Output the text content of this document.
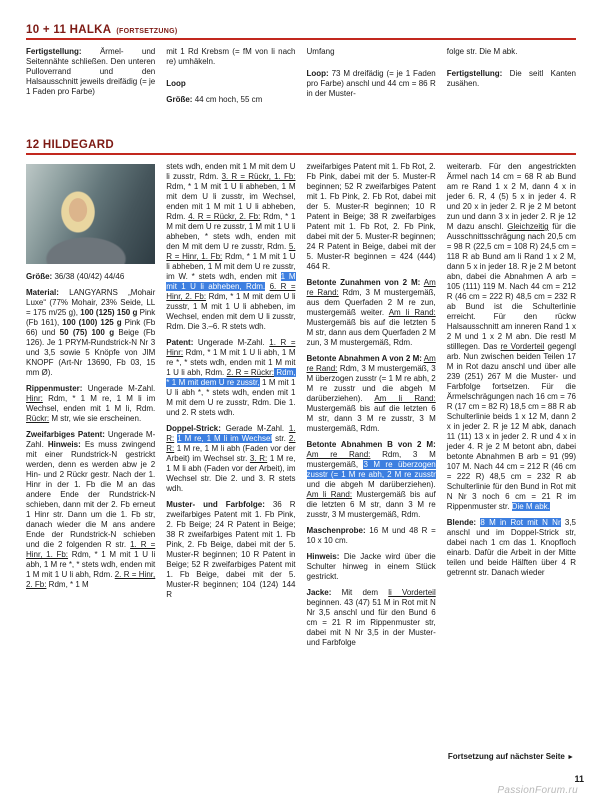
10 + 11 HALKA (FORTSETZUNG)

Fertigstellung: Ärmel- und Seitennähte schließen. Den unteren Pulloverrand und den Halsausschnitt jeweils dreifädig (= je 1 Faden pro Farbe)

mit 1 Rd Krebsm (= fM von li nach re) umhäkeln.

Loop

Größe: 44 cm hoch, 55 cm

Umfang

Loop: 73 M dreifädig (= je 1 Faden pro Farbe) anschl und 44 cm = 86 R in der Muster-

folge str. Die M abk.

Fertigstellung: Die seitl Kanten zusähen.

12 HILDEGARD

Größe: 36/38 (40/42) 44/46

Material: LANGYARNS „Mohair Luxe“ (77% Mohair, 23% Seide, LL = 175 m/25 g), 100 (125) 150 g Pink (Fb 161), 100 (100) 125 g Pink (Fb 66) und 50 (75) 100 g Beige (Fb 126). Je 1 PRYM-Rundstrick-N Nr 3 und 3,5 sowie 5 Knöpfe von JIM KNOPF (Art-Nr 13690, Fb 03, 15 mm Ø).

Rippenmuster: Ungerade M-Zahl. Hinr: Rdm, * 1 M re, 1 M li im Wechsel, enden mit 1 M li, Rdm. Rückr: M str, wie sie erscheinen.

Zweifarbiges Patent: Ungerade M-Zahl. Hinweis: Es muss zwingend mit einer Rundstrick-N gestrickt werden, denn es werden abw je 2 Hin- und 2 Rückr gestr. Nach der 1. Hinr in der 1. Fb die M an das andere Ende der Rundstrick-N schieben, dann mit der 2. Fb erneut 1 Hinr str. Dann um die 1. Fb str, danach wieder die M ans andere Ende der Rundstrick-N schieben und die 2 folgenden R str. 1. R = Hinr, 1. Fb: Rdm, * 1 M mit 1 U li abh, 1 M re *, * stets wdh, enden mit 1 M mit 1 U li abh, Rdm. 2. R = Hinr, 2. Fb: Rdm, * 1 M

stets wdh, enden mit 1 M mit dem U li zusstr, Rdm. 3. R = Rückr, 1. Fb: Rdm, * 1 M mit 1 U li abheben, 1 M mit dem U li zusstr, im Wechsel, enden mit 1 M mit 1 U li abheben, Rdm. 4. R = Rückr, 2. Fb: Rdm, * 1 M mit dem U re zusstr, 1 M mit 1 U li abheben, * stets wdh, enden mit den M mit dem U re zusstr, Rdm. 5. R = Hinr, 1. Fb: Rdm, * 1 M mit 1 U li abheben, 1 M mit dem U re zusstr, im W. * stets wdh, enden mit 1 M mit 1 U li abheben, Rdm. 6. R = Hinr, 2. Fb: Rdm, * 1 M mit dem U li zusstr, 1 M mit 1 U li abheben, im Wechsel, enden mit dem U li zusstr, Rdm. Die 3.–6. R stets wdh.

Patent: Ungerade M-Zahl. 1. R = Hinr: Rdm, * 1 M mit 1 U li abh, 1 M re *, * stets wdh, enden mit 1 M mit 1 U li abh, Rdm. 2. R = Rückr: Rdm, * 1 M mit dem U re zusstr, 1 M mit 1 U li abh *, * stets wdh, enden mit 1 M mit dem U re zusstr, Rdm. Die 1. und 2. R stets wdh.

Doppel-Strick: Gerade M-Zahl. 1. R: 1 M re, 1 M li im Wechsel str. 2. R: 1 M re, 1 M li abh (Faden vor der Arbeit) im Wechsel str. 3. R: 1 M re, 1 M li abh (Faden vor der Arbeit), im Wechsel str. Die 2. und 3. R stets wdh.

Muster- und Farbfolge: 36 R zweifarbiges Patent mit 1. Fb Pink, 2. Fb Beige; 24 R Patent in Beige; 38 R zweifarbiges Patent mit 1. Fb Pink, 2. Fb Beige, dabei mit der 5. Muster-R beginnen; 10 R Patent in Beige; 52 R zweifarbiges Patent mit 1. Fb Beige, dabei mit der 5. Muster-R beginnen; 104 (124) 144 R

zweifarbiges Patent mit 1. Fb Rot, 2. Fb Pink, dabei mit der 5. Muster-R beginnen; 52 R zweifarbiges Patent mit 1. Fb Pink, 2. Fb Rot, dabei mit der 5. Muster-R beginnen; 10 R Patent in Beige; 38 R zweifarbiges Patent mit 1. Fb Rot, 2. Fb Pink, dabei mit der 5. Muster-R beginnen; 24 R Patent in Beige, dabei mit der 5. Muster-R beginnen = 424 (444) 464 R.

Betonte Zunahmen von 2 M: Am re Rand: Rdm, 3 M mustergemäß, aus dem Querfaden 2 M re zun, mustergemäß weiter. Am li Rand: Mustergemäß bis auf die letzten 5 M str, dann aus dem Querfaden 2 M zun, 3 M mustergemäß, Rdm.

Betonte Abnahmen A von 2 M: Am re Rand: Rdm, 3 M mustergemäß, 3 M überzogen zusstr (= 1 M re abh, 2 M re zusstr und die abgeh M darüberziehen). Am li Rand: Mustergemäß bis auf die letzten 6 M str, dann 3 M re zusstr, 3 M mustergemäß, Rdm.

Betonte Abnahmen B von 2 M: Am re Rand: Rdm, 3 M mustergemäß, 3 M re überzogen zusstr (= 1 M re abh, 2 M re zusstr und die abgeh M darüberziehen). Am li Rand: Mustergemäß bis auf die letzten 6 M str, dann 3 M re zusstr, 3 M mustergemäß, Rdm.

Maschenprobe: 16 M und 48 R = 10 x 10 cm.

Hinweis: Die Jacke wird über die Schulter hinweg in einem Stück gestrickt.

Jacke: Mit dem li Vorderteil beginnen. 43 (47) 51 M in Rot mit N Nr 3,5 anschl und für den Bund 6 cm = 21 R im Rippenmuster str, dabei mit N Nr 3,5 in der Muster- und Farbfolge

weiterarb. Für den angestrickten Ärmel nach 14 cm = 68 R ab Bund am re Rand 1 x 2 M, dann 4 x in jeder 6. R, 4 (5) 5 x in jeder 4. R und 20 x in jeder 2. R je 2 M betont zun und dann 3 x in jeder 2. R je 12 M dazu anschl. Gleichzeitig für die Ausschnittsschrägung nach 20,5 cm = 98 R (22,5 cm = 108 R) 24,5 cm = 118 R ab Bund am li Rand 1 x 2 M, dann 5 x in jeder 18. R je 2 M betont abn, dabei die Abnahmen A arb = 105 (111) 119 M. Nach 44 cm = 212 R (46 cm = 222 R) 48,5 cm = 232 R ab Bund ist die Schulterlinie erreicht. Für den rückw Halsausschnitt am inneren Rand 1 x 2 M und 1 x 2 M abn. Die restl M stilllegen. Das re Vorderteil gegengl arb. Nun zwischen beiden Teilen 17 M in Rot dazu anschl und über alle 239 (251) 267 M die Muster- und Farbfolge fortsetzen. Für die Ärmelschrägungen nach 16 cm = 76 R (17 cm = 82 R) 18,5 cm = 88 R ab Schulterlinie beids 1 x 12 M, dann 2 x in jeder 2. R je 12 M abk, danach 11 (11) 13 x in jeder 2. R und 4 x in jeder 4. R je 2 M betont abn, dabei betonte Abnahmen B arb = 91 (99) 107 M. Nach 44 cm = 212 R (46 cm = 222 R) 48,5 cm = 232 R ab Schulterlinie für den Bund in Rot mit N Nr 3 noch 6 cm = 21 R im Rippenmuster str. Die M abk.

Blende: 8 M in Rot mit N Nr 3,5 anschl und im Doppel-Strick str, dabei nach 1 cm das 1. Knopfloch einarb. Dafür die Arbeit in der Mitte teilen und beide Hälften über 4 R getrennt str. Danach wieder

Fortsetzung auf nächster Seite ►
11
PassionForum.ru
